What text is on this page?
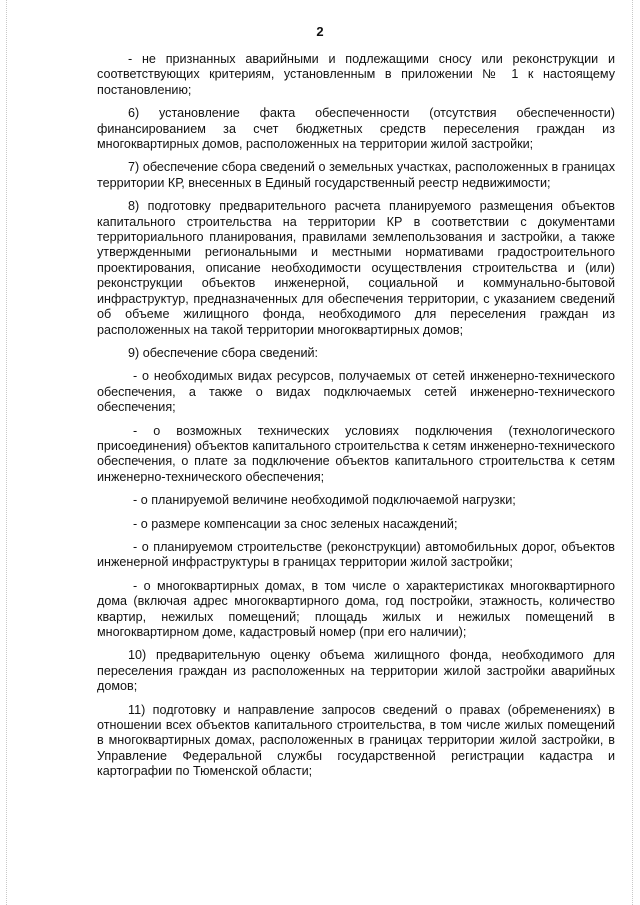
2

- не признанных аварийными и подлежащими сносу или реконструкции и соответствующих критериям, установленным в приложении № 1 к настоящему постановлению;

6) установление факта обеспеченности (отсутствия обеспеченности) финансированием за счет бюджетных средств переселения граждан из многоквартирных домов, расположенных на территории жилой застройки;

7) обеспечение сбора сведений о земельных участках, расположенных в границах территории КР, внесенных в Единый государственный реестр недвижимости;

8) подготовку предварительного расчета планируемого размещения объектов капитального строительства на территории КР в соответствии с документами территориального планирования, правилами землепользования и застройки, а также утвержденными региональными и местными нормативами градостроительного проектирования, описание необходимости осуществления строительства и (или) реконструкции объектов инженерной, социальной и коммунально-бытовой инфраструктур, предназначенных для обеспечения территории, с указанием сведений об объеме жилищного фонда, необходимого для переселения граждан из расположенных на такой территории многоквартирных домов;

9) обеспечение сбора сведений:

- о необходимых видах ресурсов, получаемых от сетей инженерно-технического обеспечения, а также о видах подключаемых сетей инженерно-технического обеспечения;

- о возможных технических условиях подключения (технологического присоединения) объектов капитального строительства к сетям инженерно-технического обеспечения, о плате за подключение объектов капитального строительства к сетям инженерно-технического обеспечения;

- о планируемой величине необходимой подключаемой нагрузки;

- о размере компенсации за снос зеленых насаждений;

- о планируемом строительстве (реконструкции) автомобильных дорог, объектов инженерной инфраструктуры в границах территории жилой застройки;

- о многоквартирных домах, в том числе о характеристиках многоквартирного дома (включая адрес многоквартирного дома, год постройки, этажность, количество квартир, нежилых помещений; площадь жилых и нежилых помещений в многоквартирном доме, кадастровый номер (при его наличии);

10) предварительную оценку объема жилищного фонда, необходимого для переселения граждан из расположенных на территории жилой застройки аварийных домов;

11) подготовку и направление запросов сведений о правах (обременениях) в отношении всех объектов капитального строительства, в том числе жилых помещений в многоквартирных домах, расположенных в границах территории жилой застройки, в Управление Федеральной службы государственной регистрации кадастра и картографии по Тюменской области;
